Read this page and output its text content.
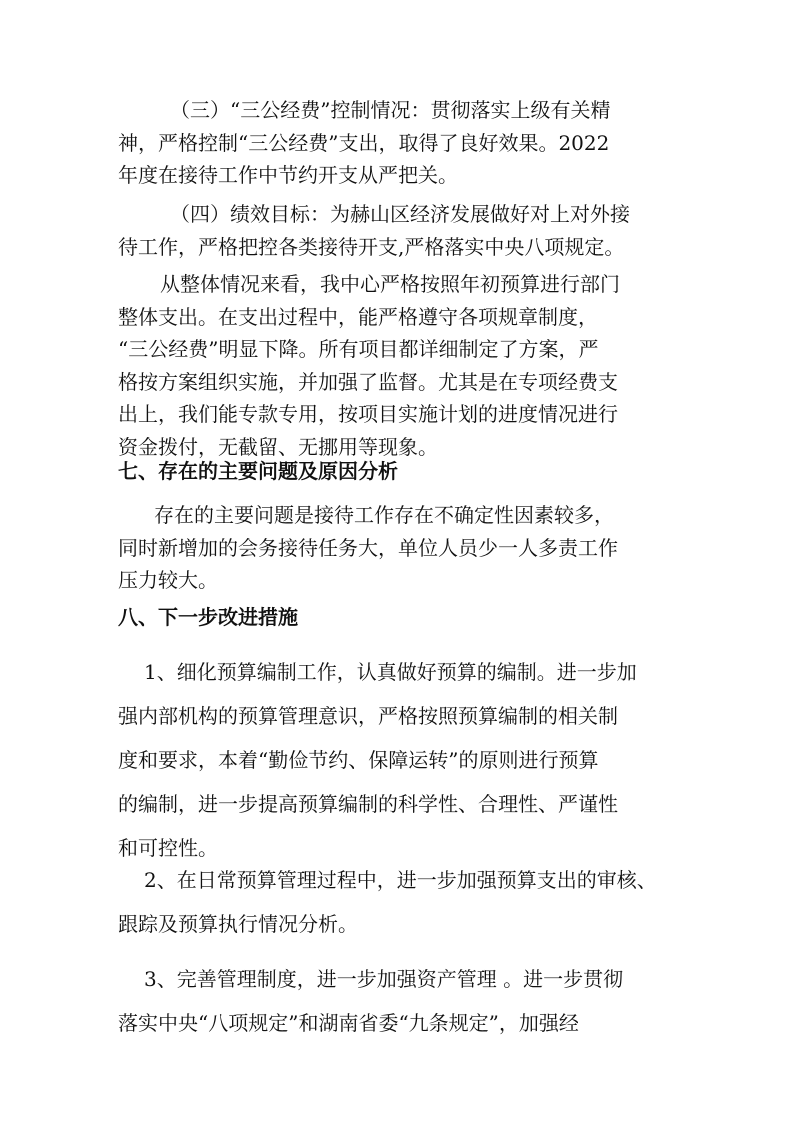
（三）“三公经费”控制情况：贯彻落实上级有关精
神，严格控制“三公经费”支出，取得了良好效果。2022
年度在接待工作中节约开支从严把关。

（四）绩效目标：为赫山区经济发展做好对上对外接
待工作，严格把控各类接待开支,严格落实中央八项规定。

从整体情况来看，我中心严格按照年初预算进行部门
整体支出。在支出过程中，能严格遵守各项规章制度，
“三公经费”明显下降。所有项目都详细制定了方案，严
格按方案组织实施，并加强了监督。尤其是在专项经费支
出上，我们能专款专用，按项目实施计划的进度情况进行
资金拨付，无截留、无挪用等现象。

七、存在的主要问题及原因分析

存在的主要问题是接待工作存在不确定性因素较多，
同时新增加的会务接待任务大，单位人员少一人多责工作
压力较大。

八、下一步改进措施

1、细化预算编制工作，认真做好预算的编制。进一步加
强内部机构的预算管理意识，严格按照预算编制的相关制
度和要求，本着“勤俭节约、保障运转”的原则进行预算
的编制，进一步提高预算编制的科学性、合理性、严谨性
和可控性。

2、在日常预算管理过程中，进一步加强预算支出的审核、
跟踪及预算执行情况分析。

3、完善管理制度，进一步加强资产管理 。进一步贯彻
落实中央“八项规定”和湖南省委“九条规定”，加强经
